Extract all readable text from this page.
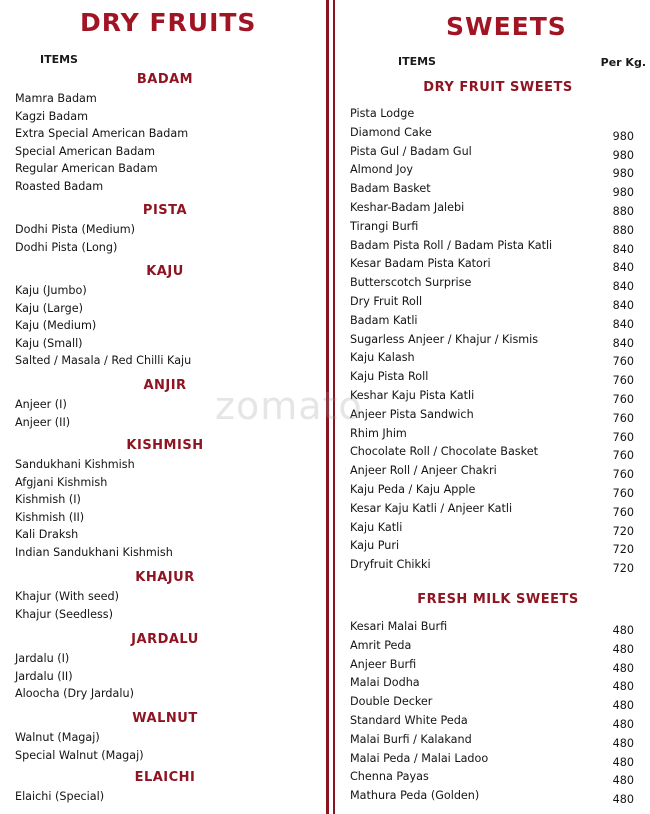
DRY FRUITS
ITEMS
BADAM
Mamra Badam
Kagzi Badam
Extra Special American Badam
Special American Badam
Regular American Badam
Roasted Badam
PISTA
Dodhi Pista (Medium)
Dodhi Pista (Long)
KAJU
Kaju (Jumbo)
Kaju (Large)
Kaju (Medium)
Kaju (Small)
Salted / Masala / Red Chilli Kaju
ANJIR
Anjeer (I)
Anjeer (II)
KISHMISH
Sandukhani Kishmish
Afgjani Kishmish
Kishmish (I)
Kishmish (II)
Kali Draksh
Indian Sandukhani Kishmish
KHAJUR
Khajur (With seed)
Khajur (Seedless)
JARDALU
Jardalu (I)
Jardalu (II)
Aloocha (Dry Jardalu)
WALNUT
Walnut (Magaj)
Special Walnut (Magaj)
ELAICHI
Elaichi (Special)
SWEETS
ITEMS	Per Kg.
DRY FRUIT SWEETS
Pista Lodge
Diamond Cake	980
Pista Gul / Badam Gul	980
Almond Joy	980
Badam Basket	980
Keshar-Badam Jalebi	880
Tirangi Burfi	880
Badam Pista Roll / Badam Pista Katli	840
Kesar Badam Pista Katori	840
Butterscotch Surprise	840
Dry Fruit Roll	840
Badam Katli	840
Sugarless Anjeer / Khajur / Kismis	840
Kaju Kalash	760
Kaju Pista Roll	760
Keshar Kaju Pista Katli	760
Anjeer Pista Sandwich	760
Rhim Jhim	760
Chocolate Roll / Chocolate Basket	760
Anjeer Roll / Anjeer Chakri	760
Kaju Peda / Kaju Apple	760
Kesar Kaju Katli / Anjeer Katli	760
Kaju Katli	720
Kaju Puri	720
Dryfruit Chikki	720
FRESH MILK SWEETS
Kesari Malai Burfi	480
Amrit Peda	480
Anjeer Burfi	480
Malai Dodha	480
Double Decker	480
Standard White Peda	480
Malai Burfi / Kalakand	480
Malai Peda / Malai Ladoo	480
Chenna Payas	480
Mathura Peda (Golden)	480
zomato
